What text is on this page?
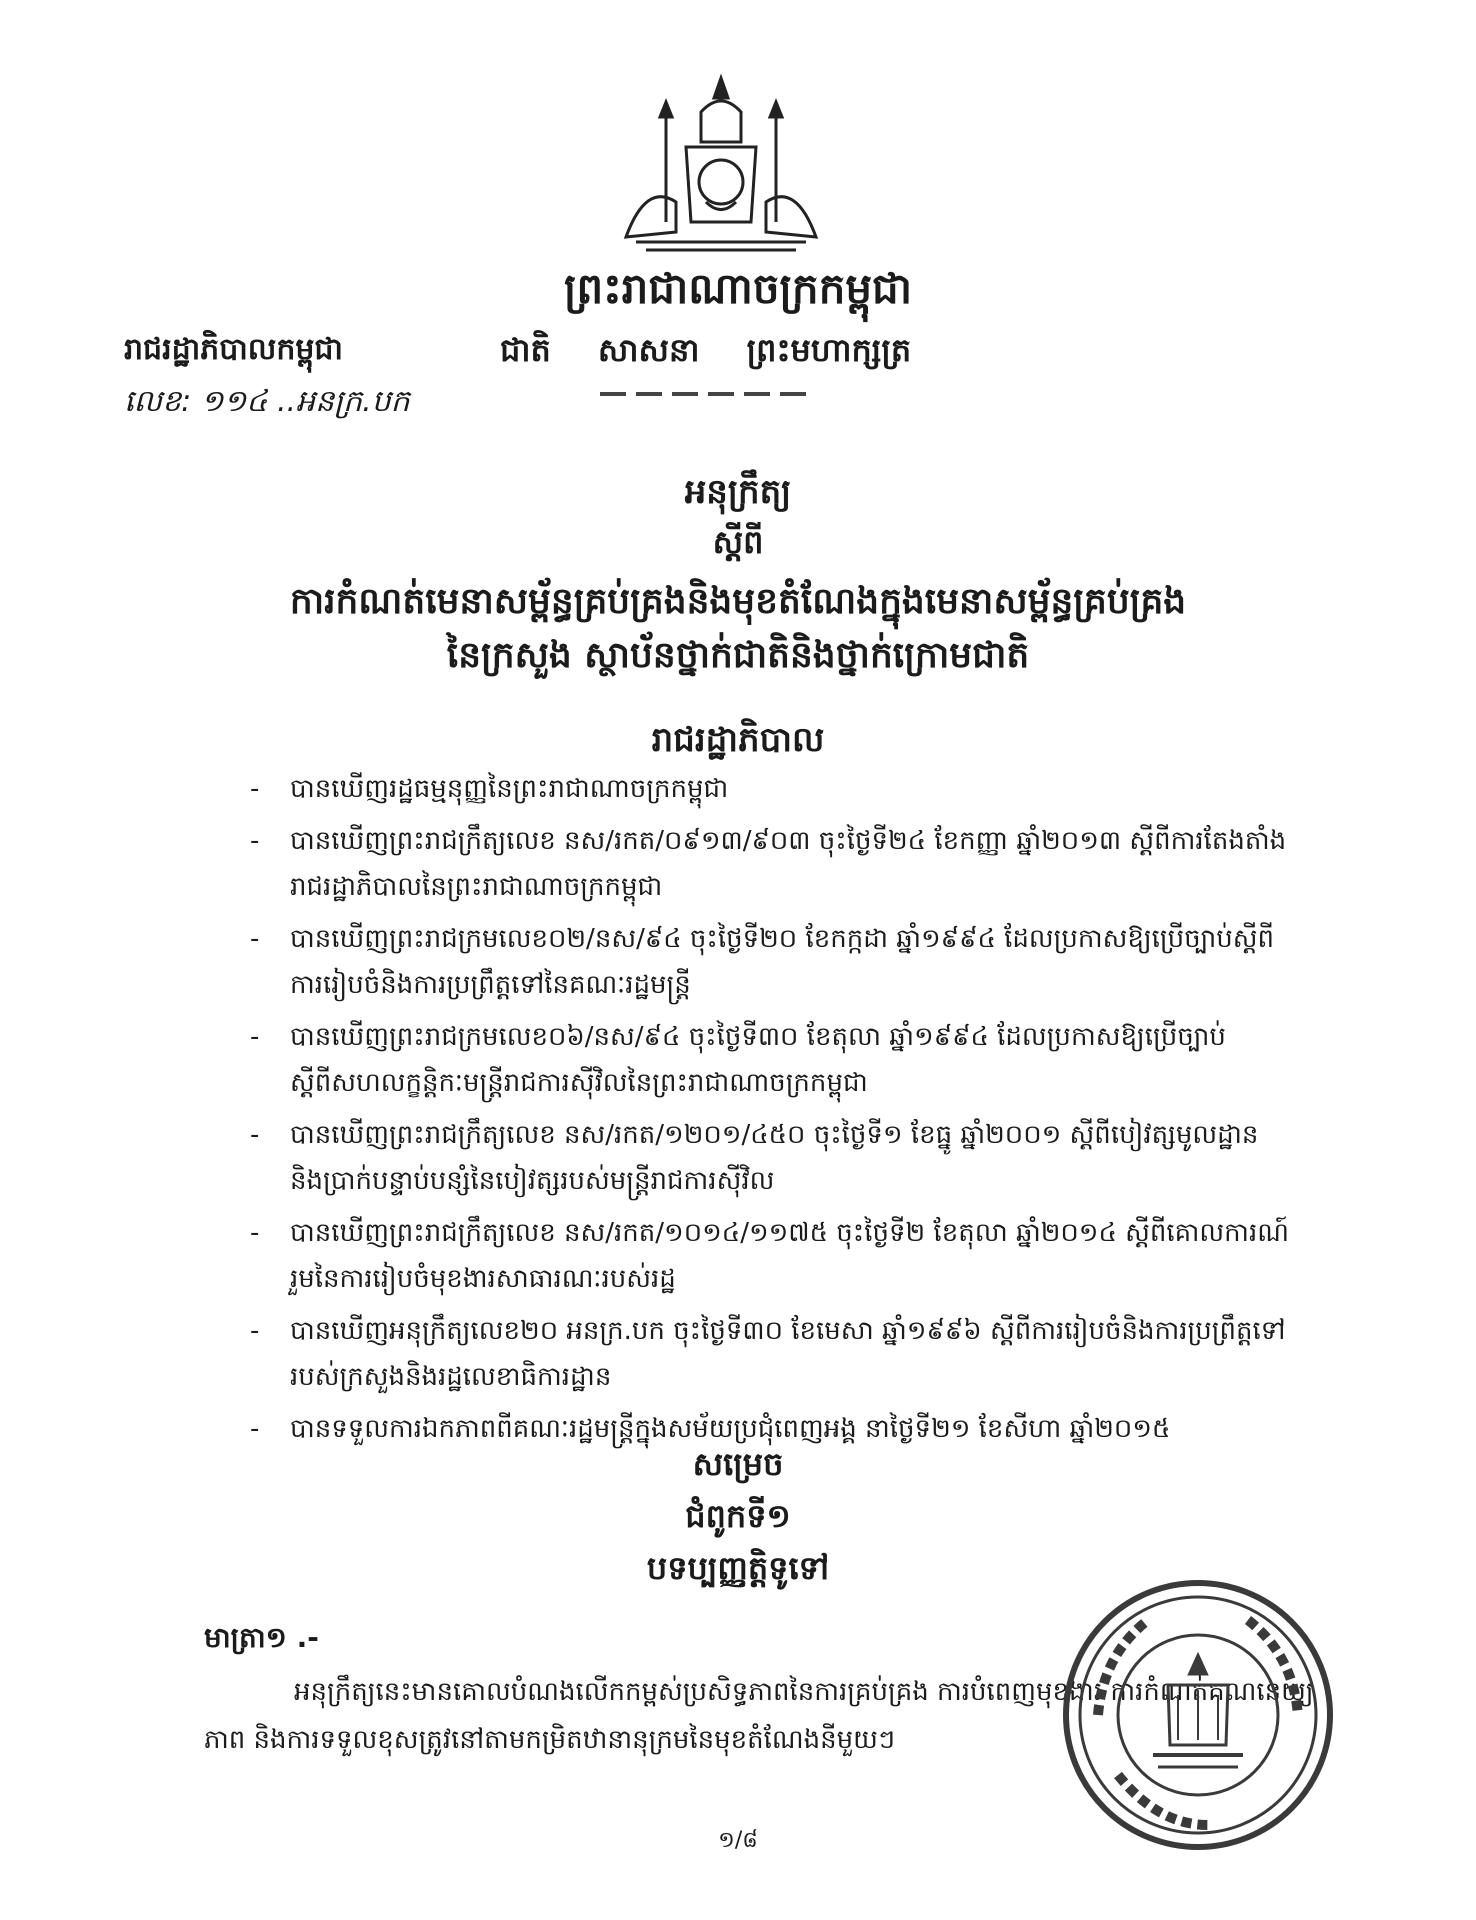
ព្រះរាជាណាចក្រកម្ពុជា
រាជរដ្ឋាភិបាលកម្ពុជា
លេខ: ១១៤ ..អនក្រ.បក
ជាតិ សាសនា ព្រះមហាក្សត្រ
អនុក្រឹត្យ
ស្ដីពី
ការកំណត់មេនាសម្ព័ន្ធគ្រប់គ្រងនិងមុខតំណែងក្នុងមេនាសម្ព័ន្ធគ្រប់គ្រង
នៃក្រសួង ស្ថាប័នថ្នាក់ជាតិនិងថ្នាក់ក្រោមជាតិ
រាជរដ្ឋាភិបាល
- បានឃើញរដ្ឋធម្មនុញ្ញនៃព្រះរាជាណាចក្រកម្ពុជា
- បានឃើញព្រះរាជក្រឹត្យលេខ នស/រកត/០៩១៣/៩០៣ ចុះថ្ងៃទី២៤ ខែកញ្ញា ឆ្នាំ២០១៣ ស្ដីពីការតែងតាំងរាជរដ្ឋាភិបាលនៃព្រះរាជាណាចក្រកម្ពុជា
- បានឃើញព្រះរាជក្រមលេខ០២/នស/៩៤ ចុះថ្ងៃទី២០ ខែកក្កដា ឆ្នាំ១៩៩៤ ដែលប្រកាសឱ្យប្រើច្បាប់ស្ដីពីការរៀបចំនិងការប្រព្រឹត្តទៅនៃគណៈរដ្ឋមន្ត្រី
- បានឃើញព្រះរាជក្រមលេខ០៦/នស/៩៤ ចុះថ្ងៃទី៣០ ខែតុលា ឆ្នាំ១៩៩៤ ដែលប្រកាសឱ្យប្រើច្បាប់ស្ដីពីសហលក្ខន្តិកៈមន្ត្រីរាជការស៊ីវិលនៃព្រះរាជាណាចក្រកម្ពុជា
- បានឃើញព្រះរាជក្រឹត្យលេខ នស/រកត/១២០១/៤៥០ ចុះថ្ងៃទី១ ខែធ្នូ ឆ្នាំ២០០១ ស្ដីពីបៀវត្សមូលដ្ឋាននិងប្រាក់បន្ទាប់បន្សំនៃបៀវត្សរបស់មន្ត្រីរាជការស៊ីវិល
- បានឃើញព្រះរាជក្រឹត្យលេខ នស/រកត/១០១៤/១១៧៥ ចុះថ្ងៃទី២ ខែតុលា ឆ្នាំ២០១៤ ស្ដីពីគោលការណ៍រួមនៃការរៀបចំមុខងារសាធារណៈរបស់រដ្ឋ
- បានឃើញអនុក្រឹត្យលេខ២០ អនក្រ.បក ចុះថ្ងៃទី៣០ ខែមេសា ឆ្នាំ១៩៩៦ ស្ដីពីការរៀបចំនិងការប្រព្រឹត្តទៅរបស់ក្រសួងនិងរដ្ឋលេខាធិការដ្ឋាន
- បានទទួលការឯកភាពពីគណៈរដ្ឋមន្ត្រីក្នុងសម័យប្រជុំពេញអង្គ នាថ្ងៃទី២១ ខែសីហា ឆ្នាំ២០១៥
សម្រេច
ជំពូកទី១
បទប្បញ្ញត្តិទូទៅ
មាត្រា១ .-
អនុក្រឹត្យនេះមានគោលបំណងលើកកម្ពស់ប្រសិទ្ធភាពនៃការគ្រប់គ្រង ការបំពេញមុខងារ ការកំណត់គណនេយ្យភាព និងការទទួលខុសត្រូវនៅតាមកម្រិតឋានានុក្រមនៃមុខតំណែងនីមួយៗ
១/៨
